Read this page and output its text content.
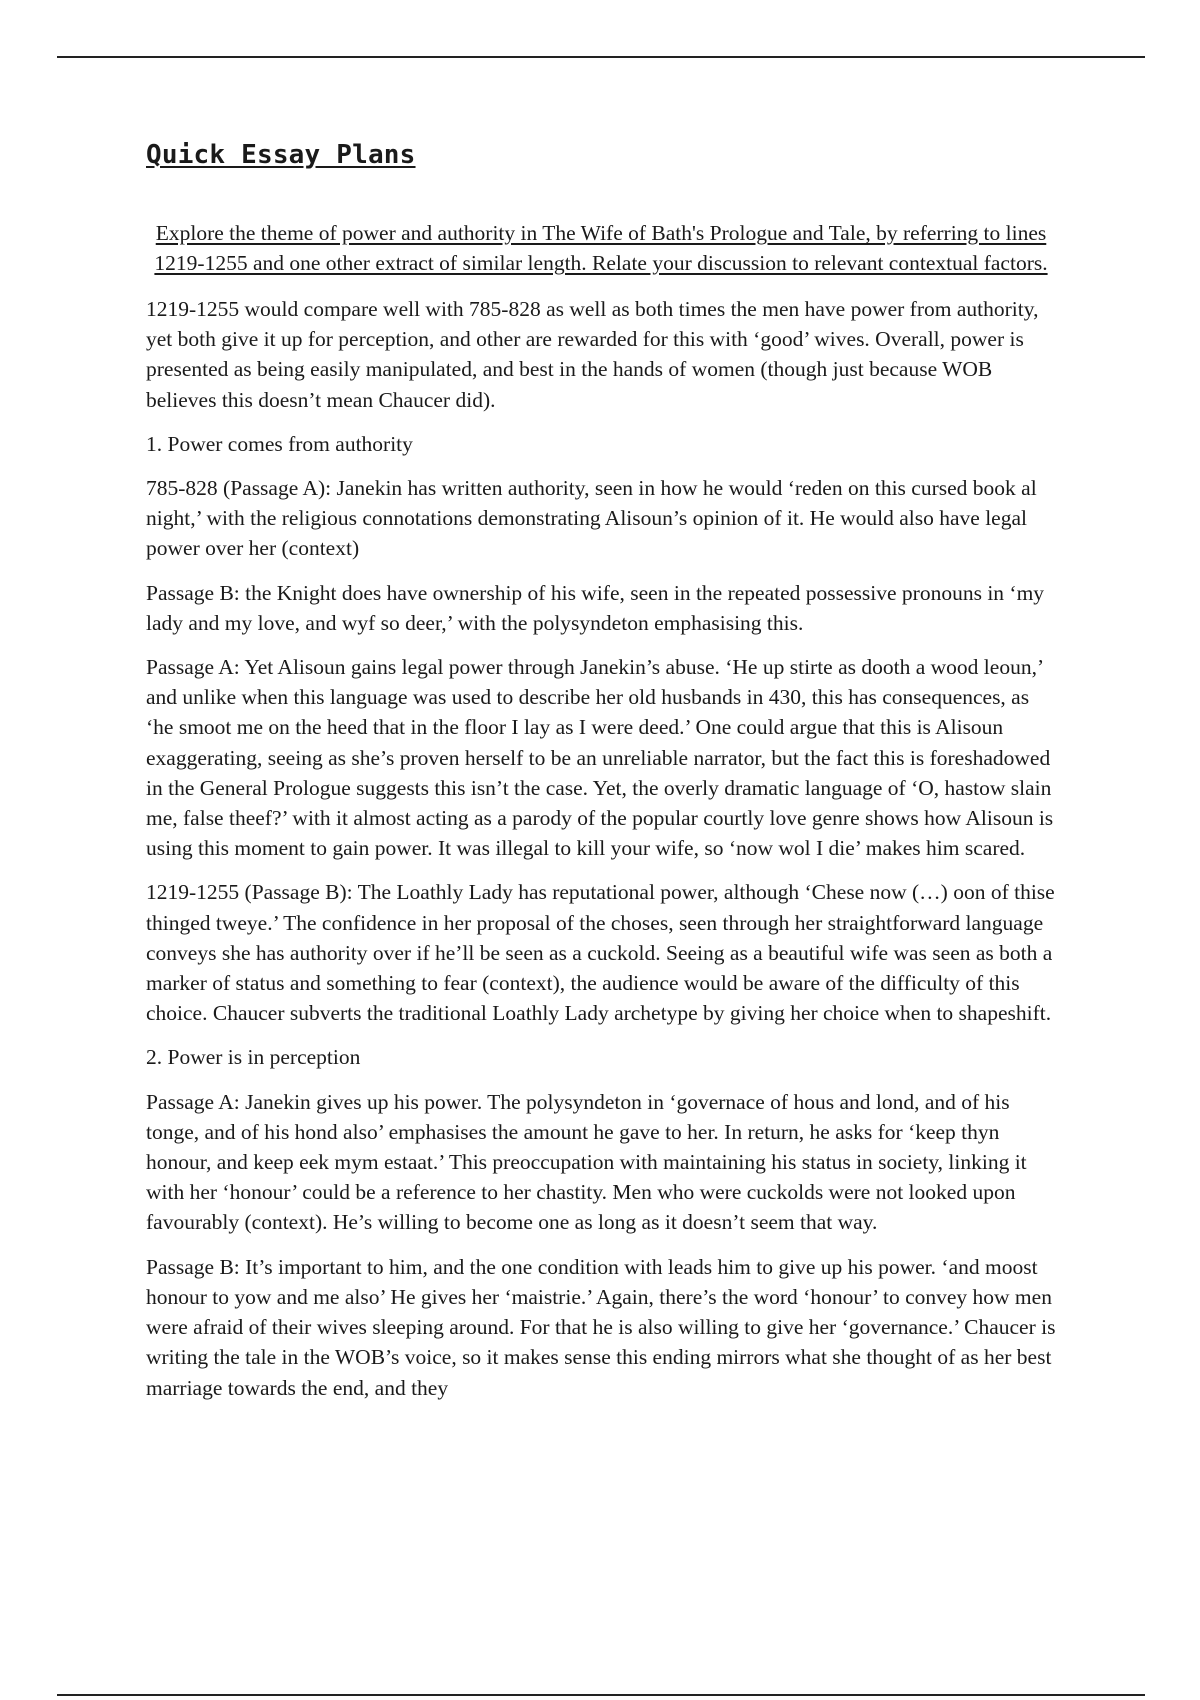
Quick Essay Plans

Explore the theme of power and authority in The Wife of Bath's Prologue and Tale, by referring to lines 1219-1255 and one other extract of similar length. Relate your discussion to relevant contextual factors.

1219-1255 would compare well with 785-828 as well as both times the men have power from authority, yet both give it up for perception, and other are rewarded for this with ‘good’ wives. Overall, power is presented as being easily manipulated, and best in the hands of women (though just because WOB believes this doesn’t mean Chaucer did).

1. Power comes from authority

785-828 (Passage A): Janekin has written authority, seen in how he would ‘reden on this cursed book al night,’ with the religious connotations demonstrating Alisoun’s opinion of it. He would also have legal power over her (context)

Passage B: the Knight does have ownership of his wife, seen in the repeated possessive pronouns in ‘my lady and my love, and wyf so deer,’ with the polysyndeton emphasising this.

Passage A: Yet Alisoun gains legal power through Janekin’s abuse. ‘He up stirte as dooth a wood leoun,’ and unlike when this language was used to describe her old husbands in 430, this has consequences, as ‘he smoot me on the heed that in the floor I lay as I were deed.’ One could argue that this is Alisoun exaggerating, seeing as she’s proven herself to be an unreliable narrator, but the fact this is foreshadowed in the General Prologue suggests this isn’t the case. Yet, the overly dramatic language of ‘O, hastow slain me, false theef?’ with it almost acting as a parody of the popular courtly love genre shows how Alisoun is using this moment to gain power. It was illegal to kill your wife, so ‘now wol I die’ makes him scared.

1219-1255 (Passage B): The Loathly Lady has reputational power, although ‘Chese now (…) oon of thise thinged tweye.’ The confidence in her proposal of the choses, seen through her straightforward language conveys she has authority over if he’ll be seen as a cuckold. Seeing as a beautiful wife was seen as both a marker of status and something to fear (context), the audience would be aware of the difficulty of this choice. Chaucer subverts the traditional Loathly Lady archetype by giving her choice when to shapeshift.

2. Power is in perception

Passage A: Janekin gives up his power. The polysyndeton in ‘governace of hous and lond, and of his tonge, and of his hond also’ emphasises the amount he gave to her. In return, he asks for ‘keep thyn honour, and keep eek mym estaat.’ This preoccupation with maintaining his status in society, linking it with her ‘honour’ could be a reference to her chastity. Men who were cuckolds were not looked upon favourably (context). He’s willing to become one as long as it doesn’t seem that way.

Passage B: It’s important to him, and the one condition with leads him to give up his power. ‘and moost honour to yow and me also’ He gives her ‘maistrie.’ Again, there’s the word ‘honour’ to convey how men were afraid of their wives sleeping around. For that he is also willing to give her ‘governance.’ Chaucer is writing the tale in the WOB’s voice, so it makes sense this ending mirrors what she thought of as her best marriage towards the end, and they
